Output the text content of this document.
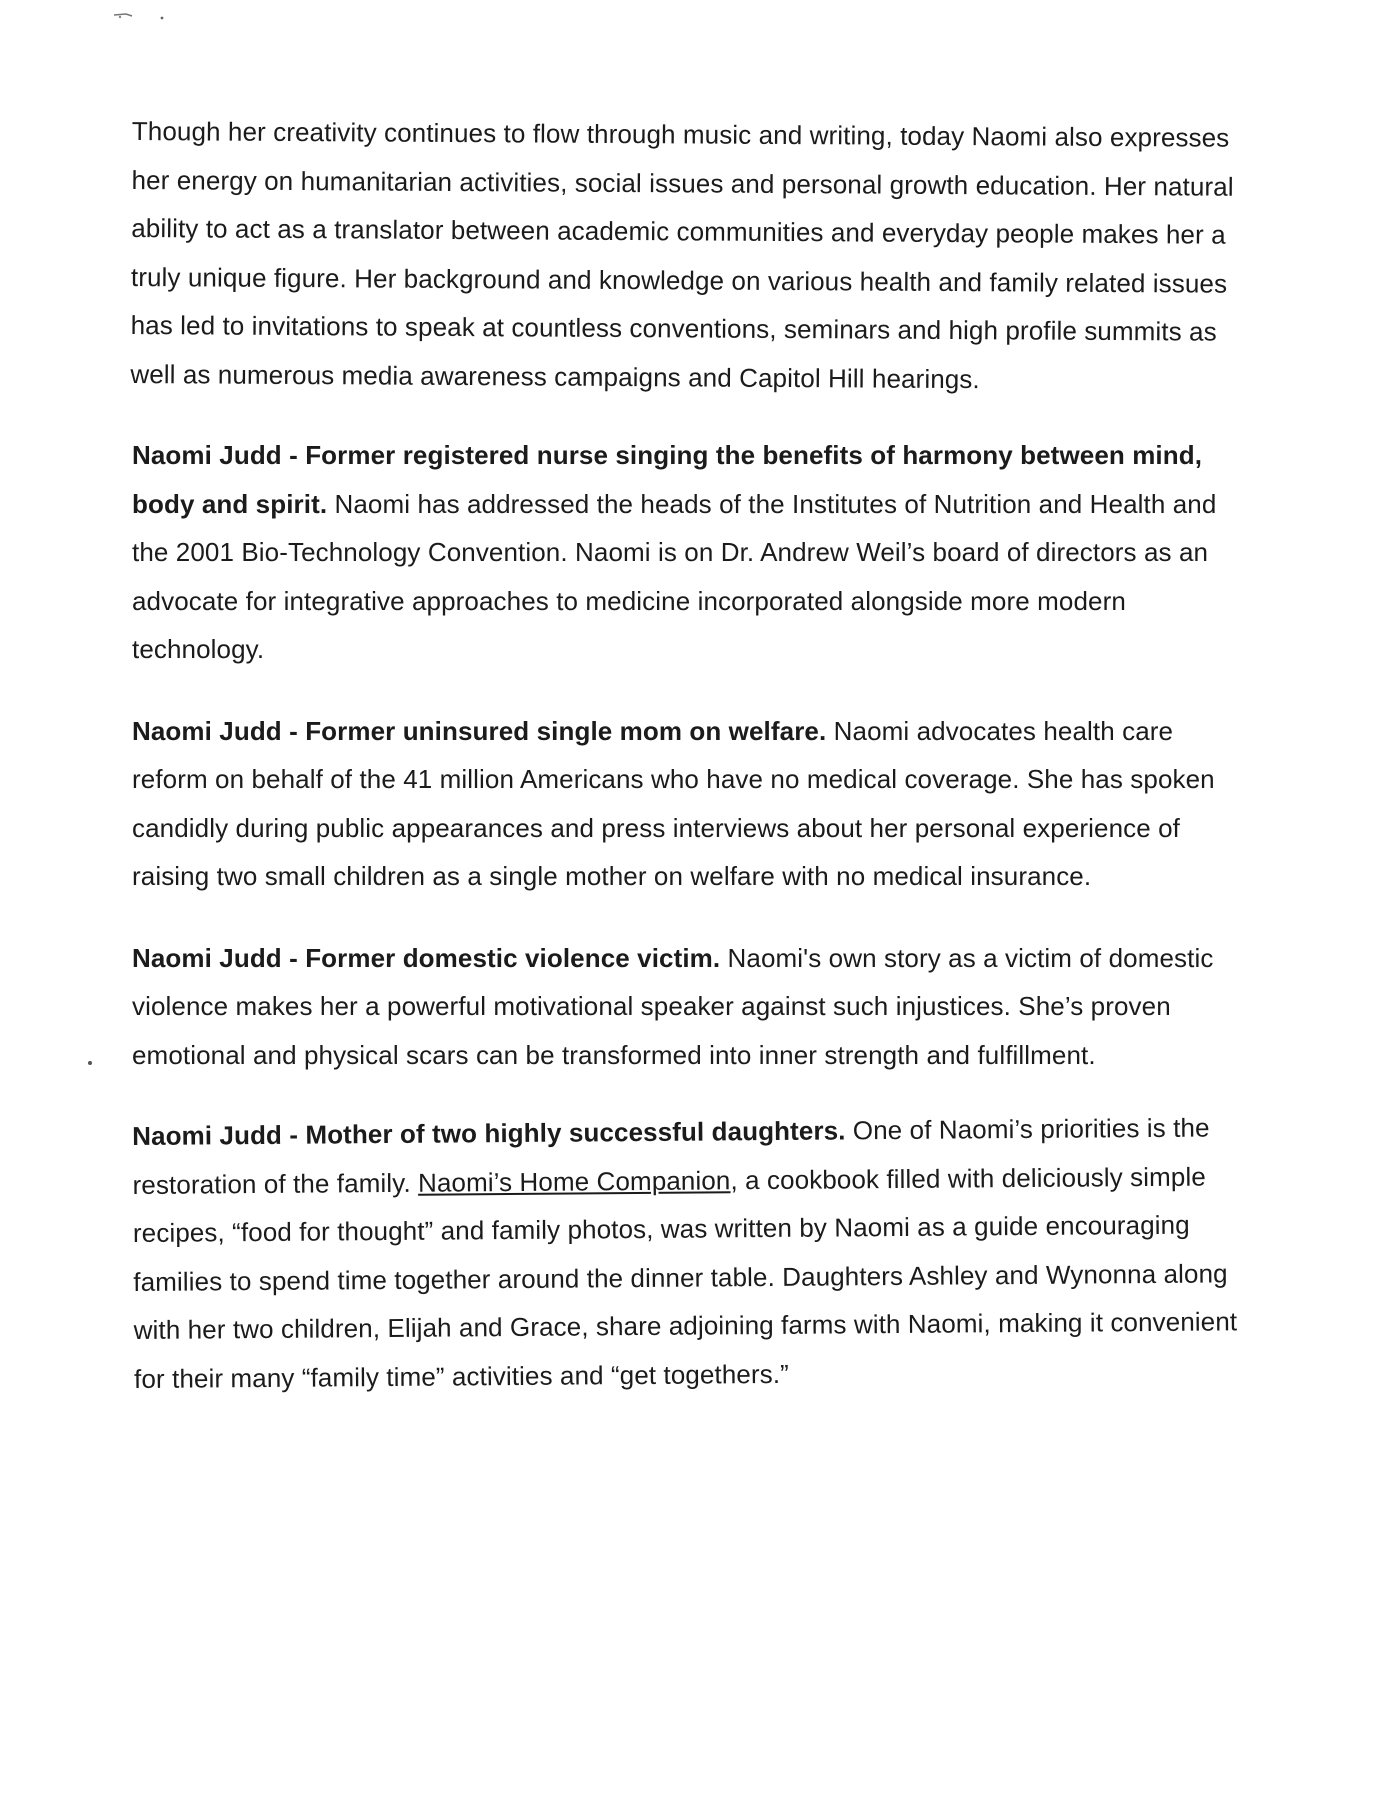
Though her creativity continues to flow through music and writing, today Naomi also expresses her energy on humanitarian activities, social issues and personal growth education. Her natural ability to act as a translator between academic communities and everyday people makes her a truly unique figure. Her background and knowledge on various health and family related issues has led to invitations to speak at countless conventions, seminars and high profile summits as well as numerous media awareness campaigns and Capitol Hill hearings.

Naomi Judd - Former registered nurse singing the benefits of harmony between mind, body and spirit. Naomi has addressed the heads of the Institutes of Nutrition and Health and the 2001 Bio-Technology Convention. Naomi is on Dr. Andrew Weil’s board of directors as an advocate for integrative approaches to medicine incorporated alongside more modern technology.

Naomi Judd - Former uninsured single mom on welfare. Naomi advocates health care reform on behalf of the 41 million Americans who have no medical coverage. She has spoken candidly during public appearances and press interviews about her personal experience of raising two small children as a single mother on welfare with no medical insurance.

Naomi Judd - Former domestic violence victim. Naomi's own story as a victim of domestic violence makes her a powerful motivational speaker against such injustices. She’s proven emotional and physical scars can be transformed into inner strength and fulfillment.

Naomi Judd - Mother of two highly successful daughters. One of Naomi’s priorities is the restoration of the family. Naomi’s Home Companion, a cookbook filled with deliciously simple recipes, “food for thought” and family photos, was written by Naomi as a guide encouraging families to spend time together around the dinner table. Daughters Ashley and Wynonna along with her two children, Elijah and Grace, share adjoining farms with Naomi, making it convenient for their many “family time” activities and “get togethers.”
